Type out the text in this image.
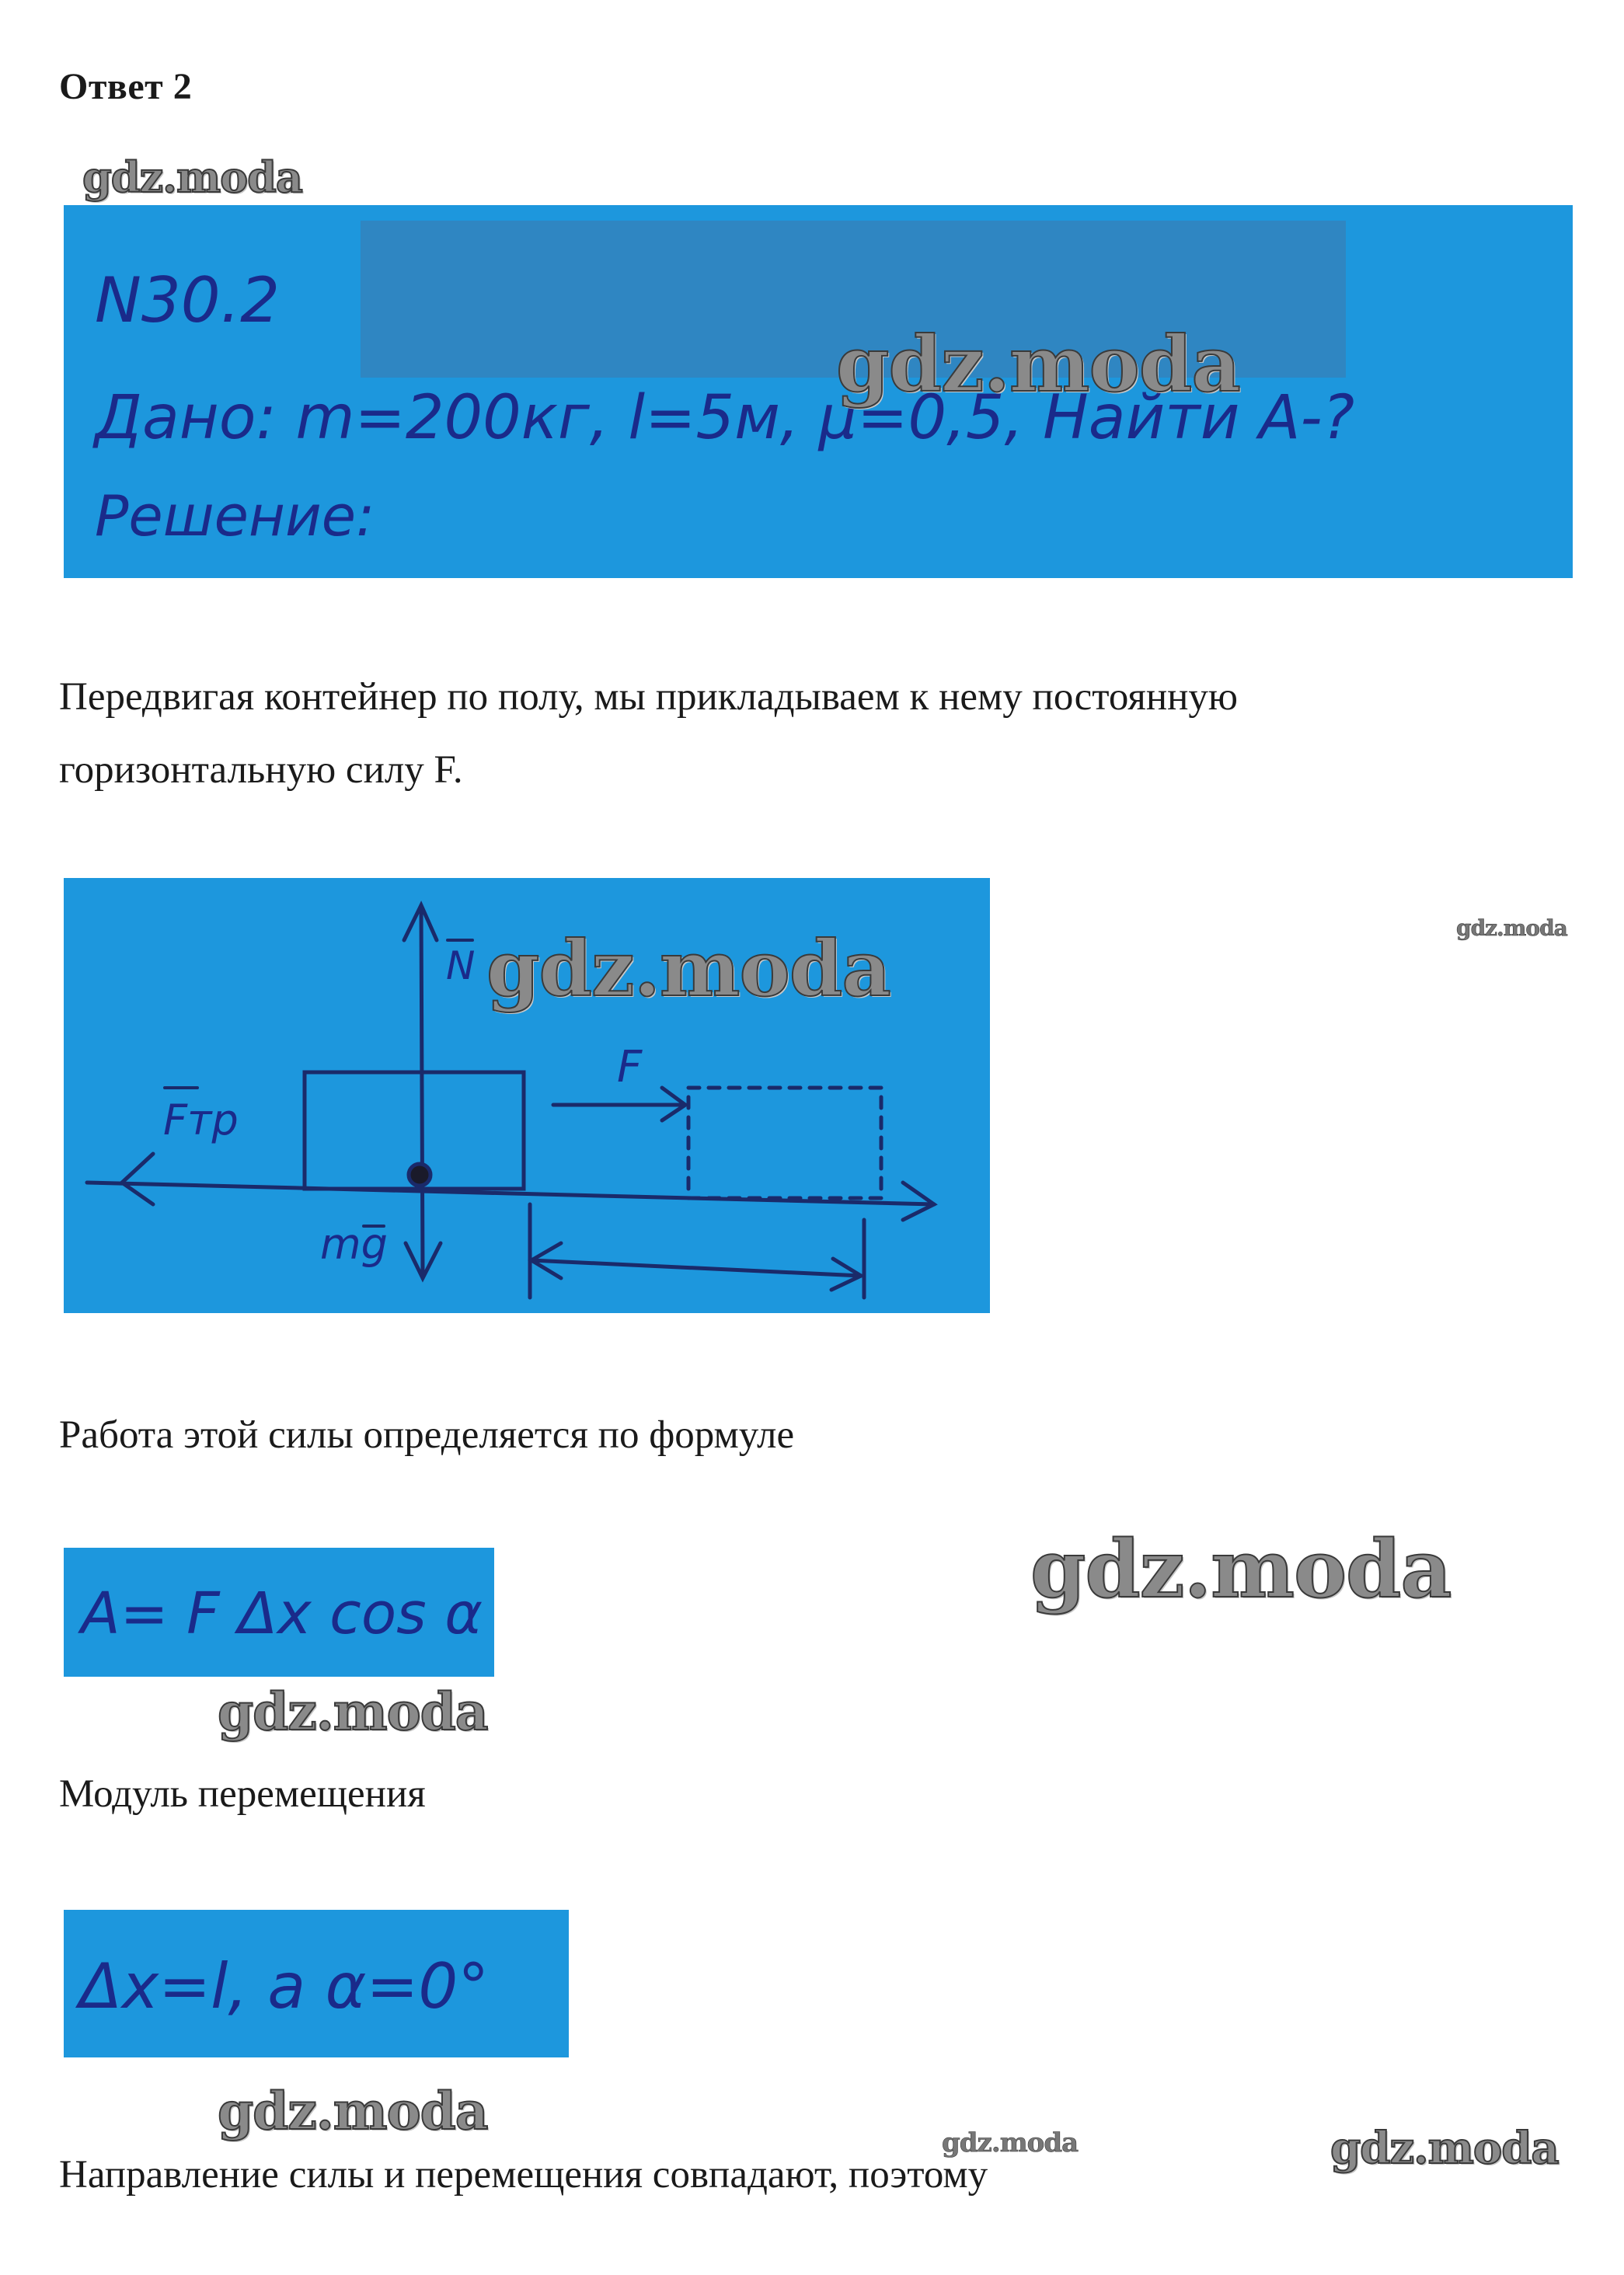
Ответ 2
gdz.moda
N30.2
Дано: m=200кг, l=5м, μ=0,5, Найти A-?
Решение:
gdz.moda

Передвигая контейнер по полу, мы прикладываем к нему постоянную горизонтальную силу F.

N
F
Fтр
mg
gdz.moda	gdz.moda

Работа этой силы определяется по формуле

A= F Δx cos α	gdz.moda
gdz.moda

Модуль перемещения

Δx=l, a α=0°
gdz.moda
gdz.moda	gdz.moda

Направление силы и перемещения совпадают, поэтому
